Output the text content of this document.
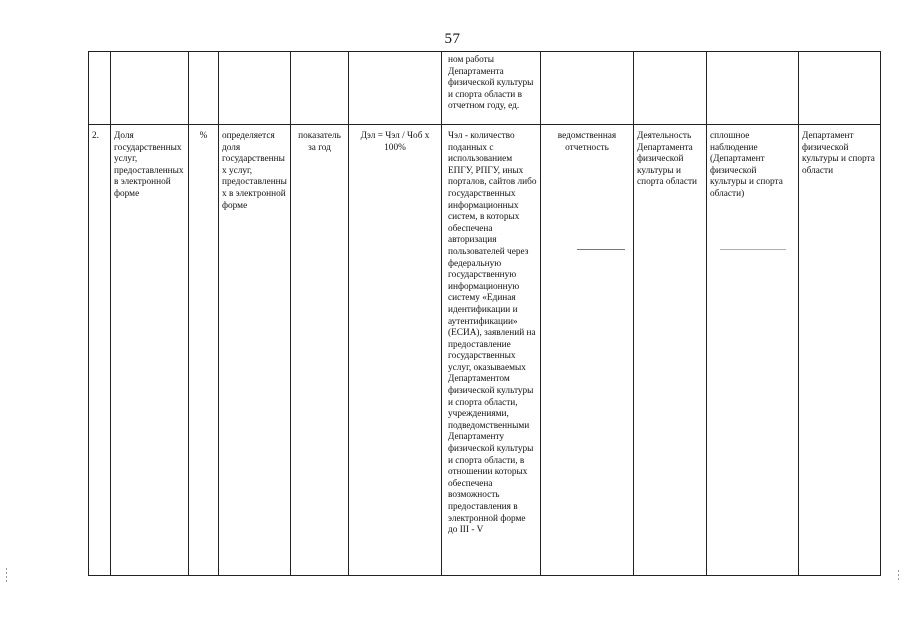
57
						ном работы Департамента физической культуры и спорта области в отчетном году, ед.				
2.	Доля государственных услуг, предоставленных в электронной форме	%	определяется доля государственных услуг, предоставленных в электронной форме	показатель за год	Дэл = Чэл / Чоб х 100%	Чэл - количество поданных с использованием ЕПГУ, РПГУ, иных порталов, сайтов либо государственных информационных систем, в которых обеспечена авторизация пользователей через федеральную государственную информационную систему «Единая идентификации и аутентификации» (ЕСИА), заявлений на предоставление государственных услуг, оказываемых Департаментом физической культуры и спорта области, учреждениями, подведомственными Департаменту физической культуры и спорта области, в отношении которых обеспечена возможность предоставления в электронной форме до III - V	ведомственная отчетность	Деятельность Департамента физической культуры и спорта области	сплошное наблюдение (Департамент физической культуры и спорта области)	Департамент физической культуры и спорта области
